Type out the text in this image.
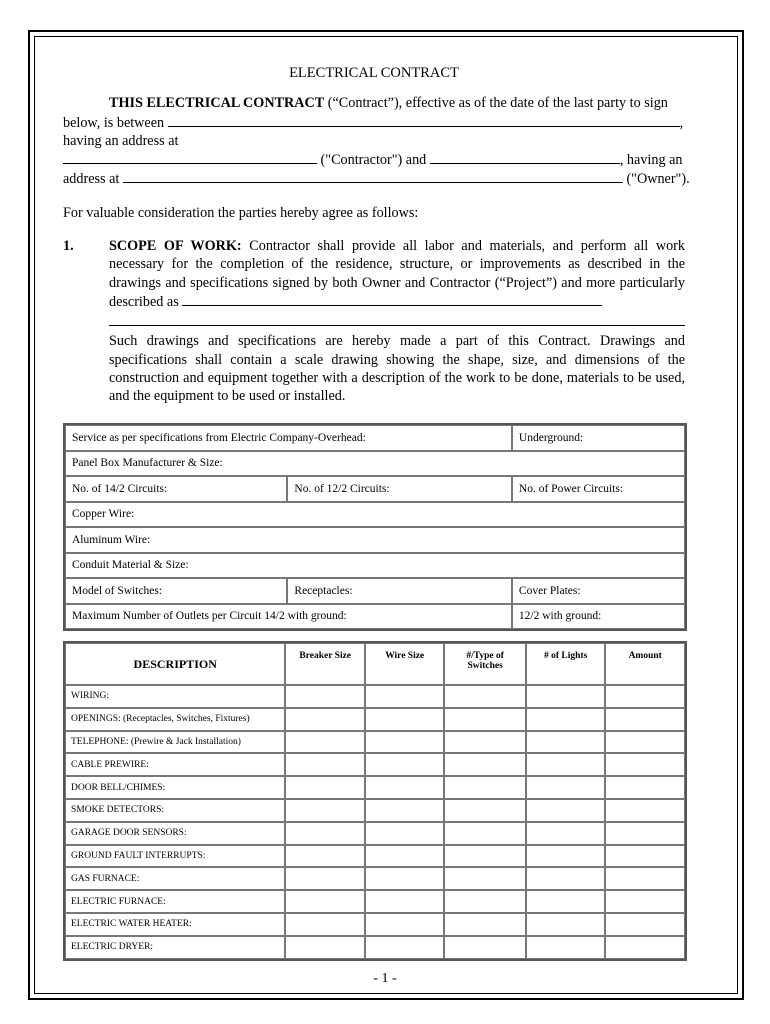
ELECTRICAL CONTRACT

THIS ELECTRICAL CONTRACT (“Contract”), effective as of the date of the last party to sign
below, is between	,
having an address at
("Contractor") and	, having an
address at	("Owner").

For valuable consideration the parties hereby agree as follows:

1.	SCOPE OF WORK: Contractor shall provide all labor and materials, and perform all work necessary for the completion of the residence, structure, or improvements as described in the drawings and specifications signed by both Owner and Contractor (“Project”) and more particularly described as
Such drawings and specifications are hereby made a part of this Contract. Drawings and specifications shall contain a scale drawing showing the shape, size, and dimensions of the construction and equipment together with a description of the work to be done, materials to be used, and the equipment to be used or installed.
Service as per specifications from Electric Company-Overhead:		Underground:
Panel Box Manufacturer & Size:		
No. of 14/2 Circuits:	No. of 12/2 Circuits:	No. of Power Circuits:
Copper Wire:		
Aluminum Wire:		
Conduit Material & Size:		
Model of Switches:	Receptacles:	Cover Plates:
Maximum Number of Outlets per Circuit 14/2 with ground:		12/2 with ground:
DESCRIPTION	Breaker Size	Wire Size	#/Type of Switches	# of Lights	Amount
WIRING:					
OPENINGS: (Receptacles, Switches, Fixtures)					
TELEPHONE: (Prewire & Jack Installation)					
CABLE PREWIRE:					
DOOR BELL/CHIMES:					
SMOKE DETECTORS:					
GARAGE DOOR SENSORS:					
GROUND FAULT INTERRUPTS:					
GAS FURNACE:					
ELECTRIC FURNACE:					
ELECTRIC WATER HEATER:					
ELECTRIC DRYER:					
- 1 -
